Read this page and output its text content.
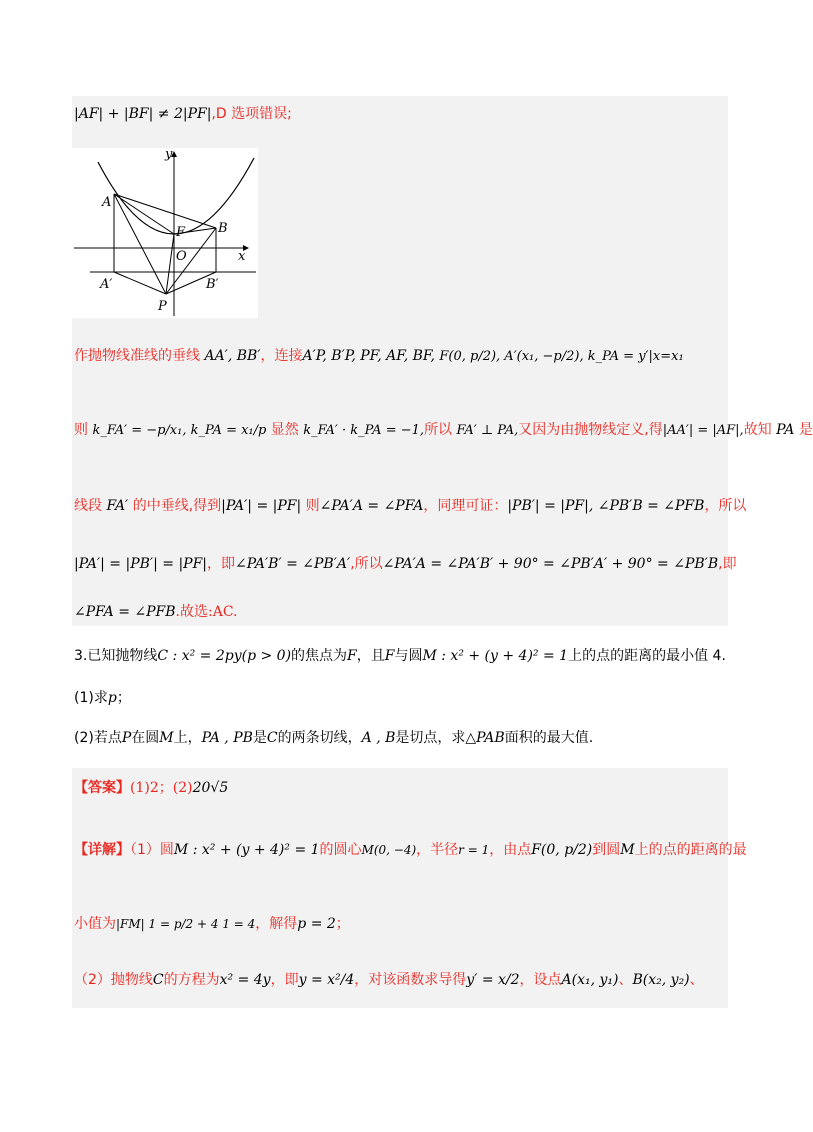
|AF| + |BF| ≠ 2|PF|,D 选项错误;
y
x
A
B
F
O
A′	B′
P
作抛物线准线的垂线 AA′, BB′，连接A′P, B′P, PF, AF, BF, F(0, p/2), A′(x₁, −p/2), k_PA = y′|x=x₁
则 k_FA′ = −p/x₁, k_PA = x₁/p 显然 k_FA′ · k_PA = −1,所以 FA′ ⊥ PA,又因为由抛物线定义,得|AA′| = |AF|,故知 PA 是
线段 FA′ 的中垂线,得到|PA′| = |PF| 则∠PA′A = ∠PFA，同理可证：|PB′| = |PF|, ∠PB′B = ∠PFB，所以
|PA′| = |PB′| = |PF|，即∠PA′B′ = ∠PB′A′,所以∠PA′A = ∠PA′B′ + 90° = ∠PB′A′ + 90° = ∠PB′B,即
∠PFA = ∠PFB.故选:AC.
3.已知抛物线C : x² = 2py(p > 0)的焦点为F，且F与圆M : x² + (y + 4)² = 1上的点的距离的最小值 4.
(1)求p；
(2)若点P在圆M上，PA , PB是C的两条切线，A , B是切点，求△PAB面积的最大值.
【答案】(1)2；(2)20√5
【详解】（1）圆M : x² + (y + 4)² = 1的圆心M(0, −4)，半径r = 1，由点F(0, p/2)到圆M上的点的距离的最
小值为|FM| 1 = p/2 + 4 1 = 4，解得p = 2；
（2）抛物线C的方程为x² = 4y，即y = x²/4，对该函数求导得y′ = x/2，设点A(x₁, y₁)、B(x₂, y₂)、
